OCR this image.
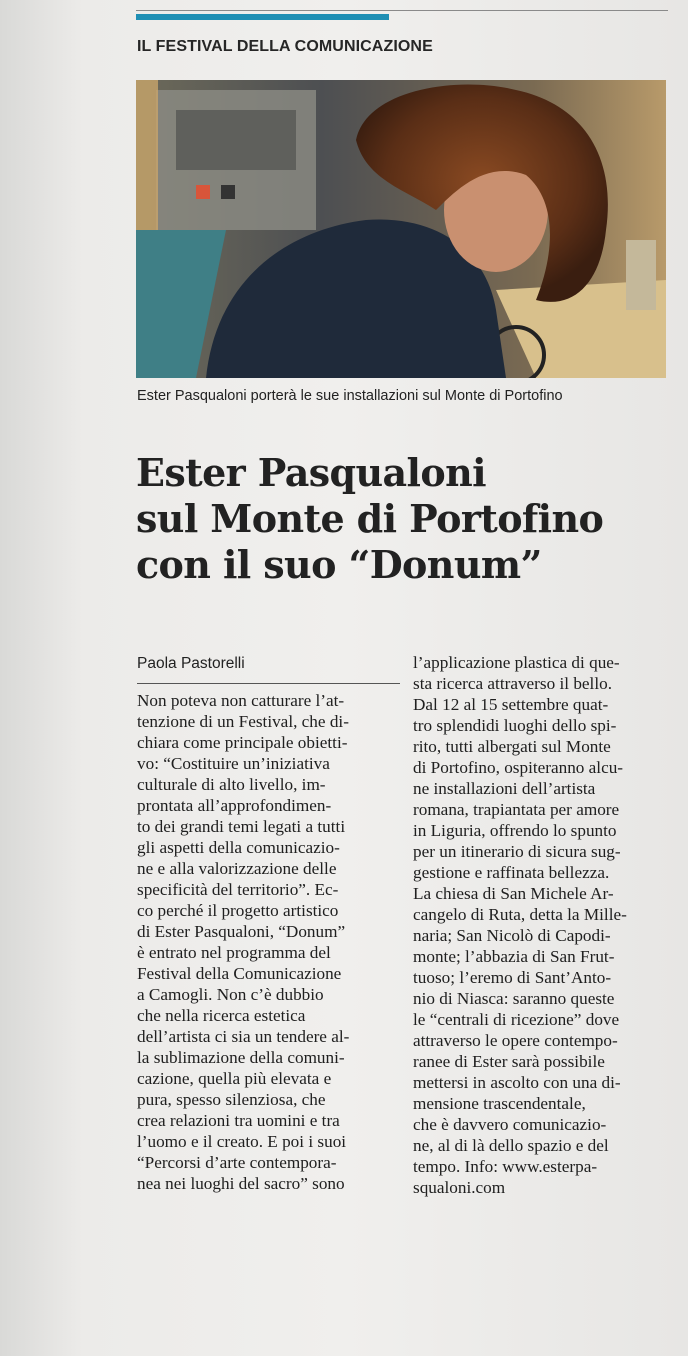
IL FESTIVAL DELLA COMUNICAZIONE
Ester Pasqualoni porterà le sue installazioni sul Monte di Portofino
Ester Pasqualoni
sul Monte di Portofino
con il suo “Donum”
Paola Pastorelli
Non poteva non catturare l’at-
tenzione di un Festival, che di-
chiara come principale obietti-
vo: “Costituire un’iniziativa
culturale di alto livello, im-
prontata all’approfondimen-
to dei grandi temi legati a tutti
gli aspetti della comunicazio-
ne e alla valorizzazione delle
specificità del territorio”. Ec-
co perché il progetto artistico
di Ester Pasqualoni, “Donum”
è entrato nel programma del
Festival della Comunicazione
a Camogli. Non c’è dubbio
che nella ricerca estetica
dell’artista ci sia un tendere al-
la sublimazione della comuni-
cazione, quella più elevata e
pura, spesso silenziosa, che
crea relazioni tra uomini e tra
l’uomo e il creato. E poi i suoi
“Percorsi d’arte contempora-
nea nei luoghi del sacro” sono
l’applicazione plastica di que-
sta ricerca attraverso il bello.
Dal 12 al 15 settembre quat-
tro splendidi luoghi dello spi-
rito, tutti albergati sul Monte
di Portofino, ospiteranno alcu-
ne installazioni dell’artista
romana, trapiantata per amore
in Liguria, offrendo lo spunto
per un itinerario di sicura sug-
gestione e raffinata bellezza.
La chiesa di San Michele Ar-
cangelo di Ruta, detta la Mille-
naria; San Nicolò di Capodi-
monte; l’abbazia di San Frut-
tuoso; l’eremo di Sant’Anto-
nio di Niasca: saranno queste
le “centrali di ricezione” dove
attraverso le opere contempo-
ranee di Ester sarà possibile
mettersi in ascolto con una di-
mensione trascendentale,
che è davvero comunicazio-
ne, al di là dello spazio e del
tempo. Info: www.esterpa-
squaloni.com
